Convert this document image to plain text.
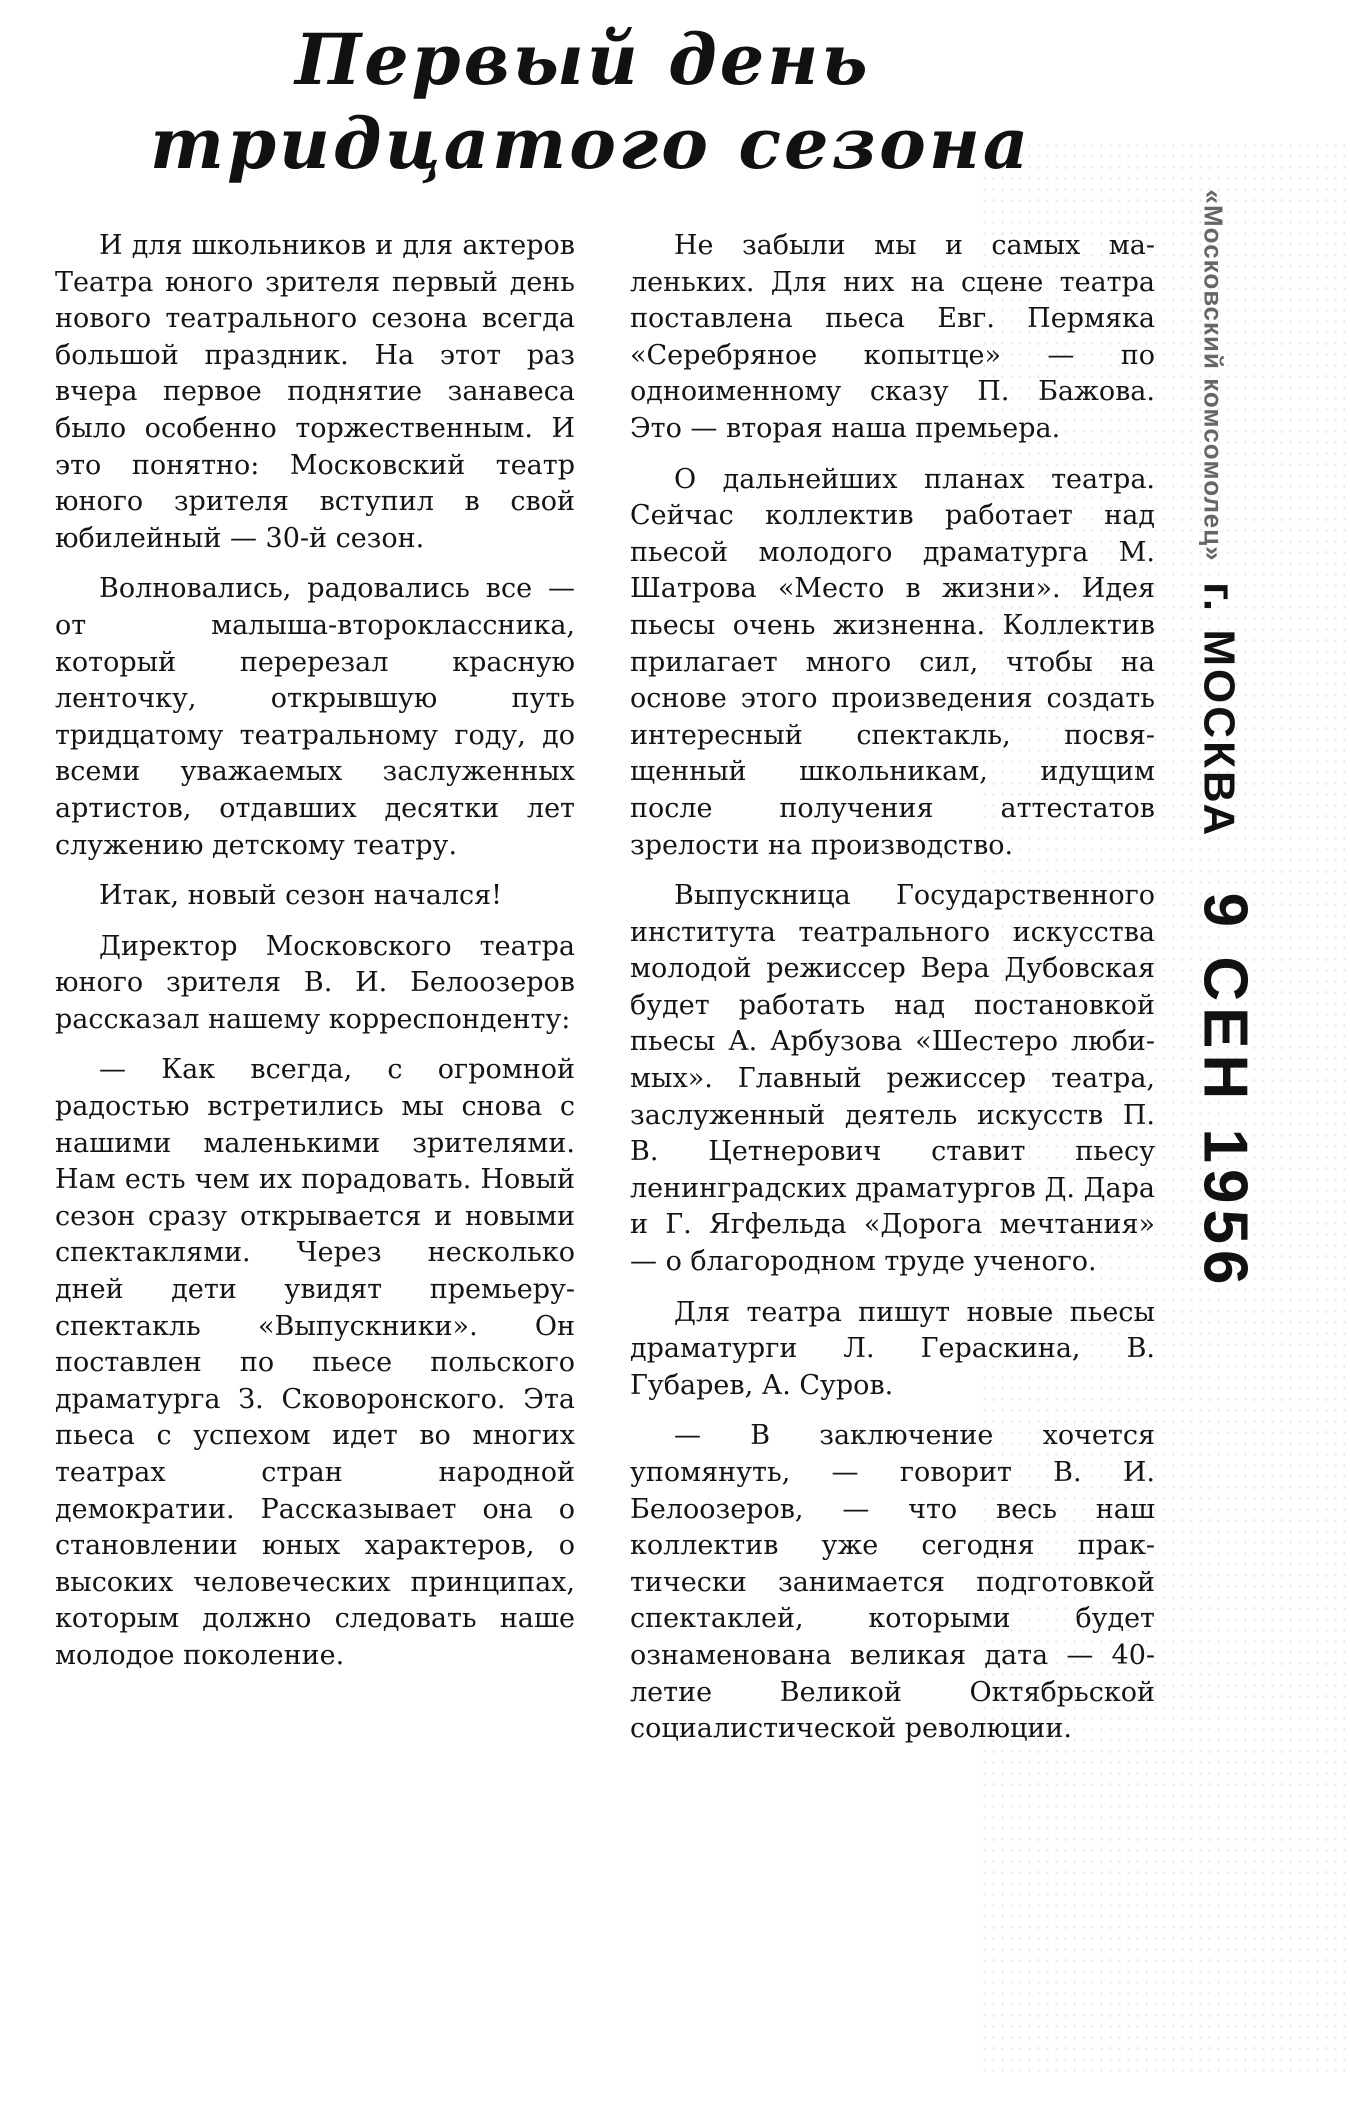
Первый день
тридцатого сезона

И для школьников и для актеров Театра юного зрителя первый день нового театрального сезона всегда большой праздник. На этот раз вчера первое поднятие занавеса было особенно торжественным. И это понятно: Московский театр юного зрителя вступил в свой юбилейный — 30-й сезон.

Волновались, радовались все — от малыша-второклассника, который перерезал красную ленточку, открывшую путь тридцатому театральному году, до всеми уважаемых заслуженных артистов, отдавших десятки лет служению детскому театру.

Итак, новый сезон начался!

Директор Московского театра юного зрителя В. И. Белоозеров рассказал нашему корреспонденту:

— Как всегда, с огромной радостью встретились мы снова с нашими маленькими зрителями. Нам есть чем их порадовать. Новый сезон сразу открывается и новыми спектаклями. Через несколько дней дети увидят премьеру-спектакль «Выпускники». Он поставлен по пьесе польского драматурга З. Сковоронского. Эта пьеса с успехом идет во многих театрах стран народной демократии. Рассказывает она о становлении юных характеров, о высоких человеческих принципах, которым должно следовать наше молодое поколение.

Не забыли мы и самых маленьких. Для них на сцене театра поставлена пьеса Евг. Пермяка «Серебряное копытце» — по одноименному сказу П. Бажова. Это — вторая наша премьера.

О дальнейших планах театра. Сейчас коллектив работает над пьесой молодого драматурга М. Шатрова «Место в жизни». Идея пьесы очень жизненна. Коллектив прилагает много сил, чтобы на основе этого произведения создать интересный спектакль, посвященный школьникам, идущим после получения аттестатов зрелости на производство.

Выпускница Государственного института театрального искусства молодой режиссер Вера Дубовская будет работать над постановкой пьесы А. Арбузова «Шестеро любимых». Главный режиссер театра, заслуженный деятель искусств П. В. Цетнерович ставит пьесу ленинградских драматургов Д. Дара и Г. Ягфельда «Дорога мечтания» — о благородном труде ученого.

Для театра пишут новые пьесы драматурги Л. Гераскина, В. Губарев, А. Суров.

— В заключение хочется упомянуть, — говорит В. И. Белоозеров, — что весь наш коллектив уже сегодня практически занимается подготовкой спектаклей, которыми будет ознаменована великая дата — 40-летие Великой Октябрьской социалистической революции.

«Московский комсомолец» г. МОСКВА 9 СЕН 1956
